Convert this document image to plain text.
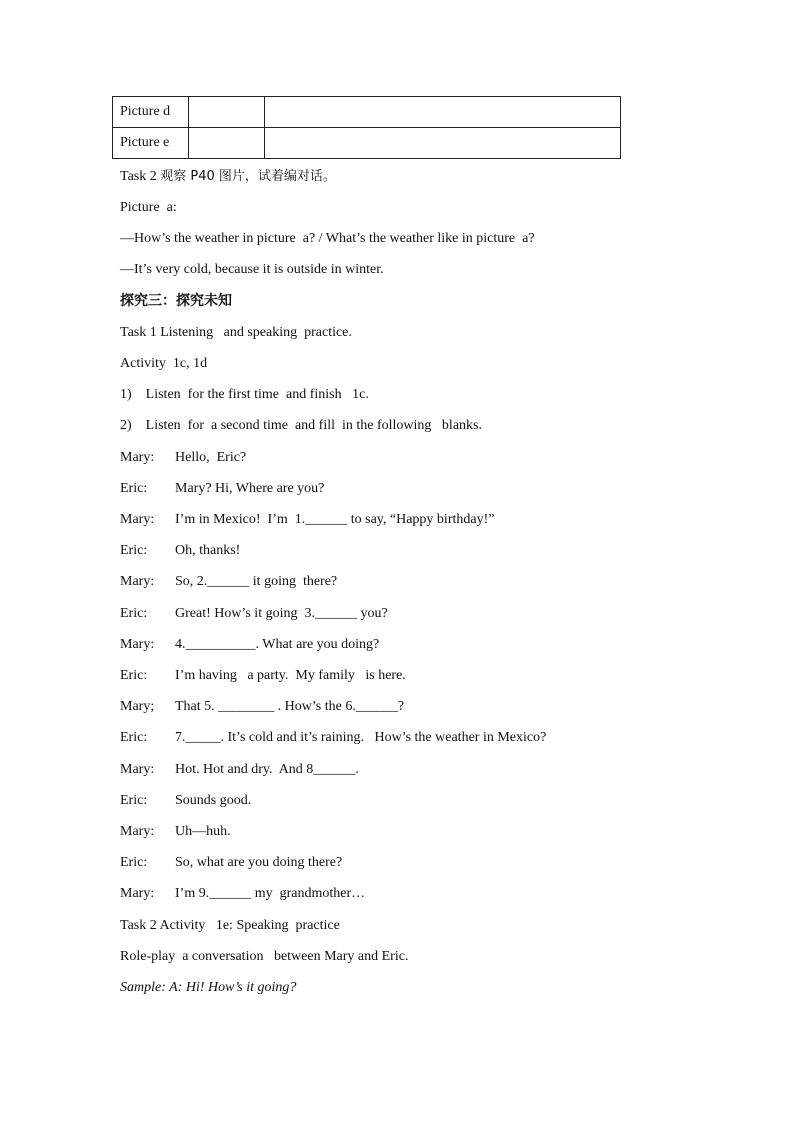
Picture d		
Picture e		
Task 2 观察 P40 图片，试着编对话。
Picture  a:
—How’s the weather in picture  a? / What’s the weather like in picture  a?
—It’s very cold, because it is outside in winter.
探究三：探究未知
Task 1 Listening   and speaking  practice.
Activity  1c, 1d
1)    Listen  for the first time  and finish   1c.
2)    Listen  for  a second time  and fill  in the following   blanks.
Mary: Hello,  Eric?
Eric: Mary? Hi, Where are you?
Mary: I’m in Mexico!  I’m  1.______ to say, “Happy birthday!”
Eric: Oh, thanks!
Mary: So, 2.______ it going  there?
Eric: Great! How’s it going  3.______ you?
Mary: 4.__________. What are you doing?
Eric: I’m having   a party.  My family   is here.
Mary; That 5. ________ . How’s the 6.______?
Eric: 7._____. It’s cold and it’s raining.   How’s the weather in Mexico?
Mary: Hot. Hot and dry.  And 8______.
Eric: Sounds good.
Mary: Uh—huh.
Eric: So, what are you doing there?
Mary: I’m 9.______ my  grandmother…
Task 2 Activity   1e: Speaking  practice
Role-play  a conversation   between Mary and Eric.
Sample: A: Hi! How’s it going?
